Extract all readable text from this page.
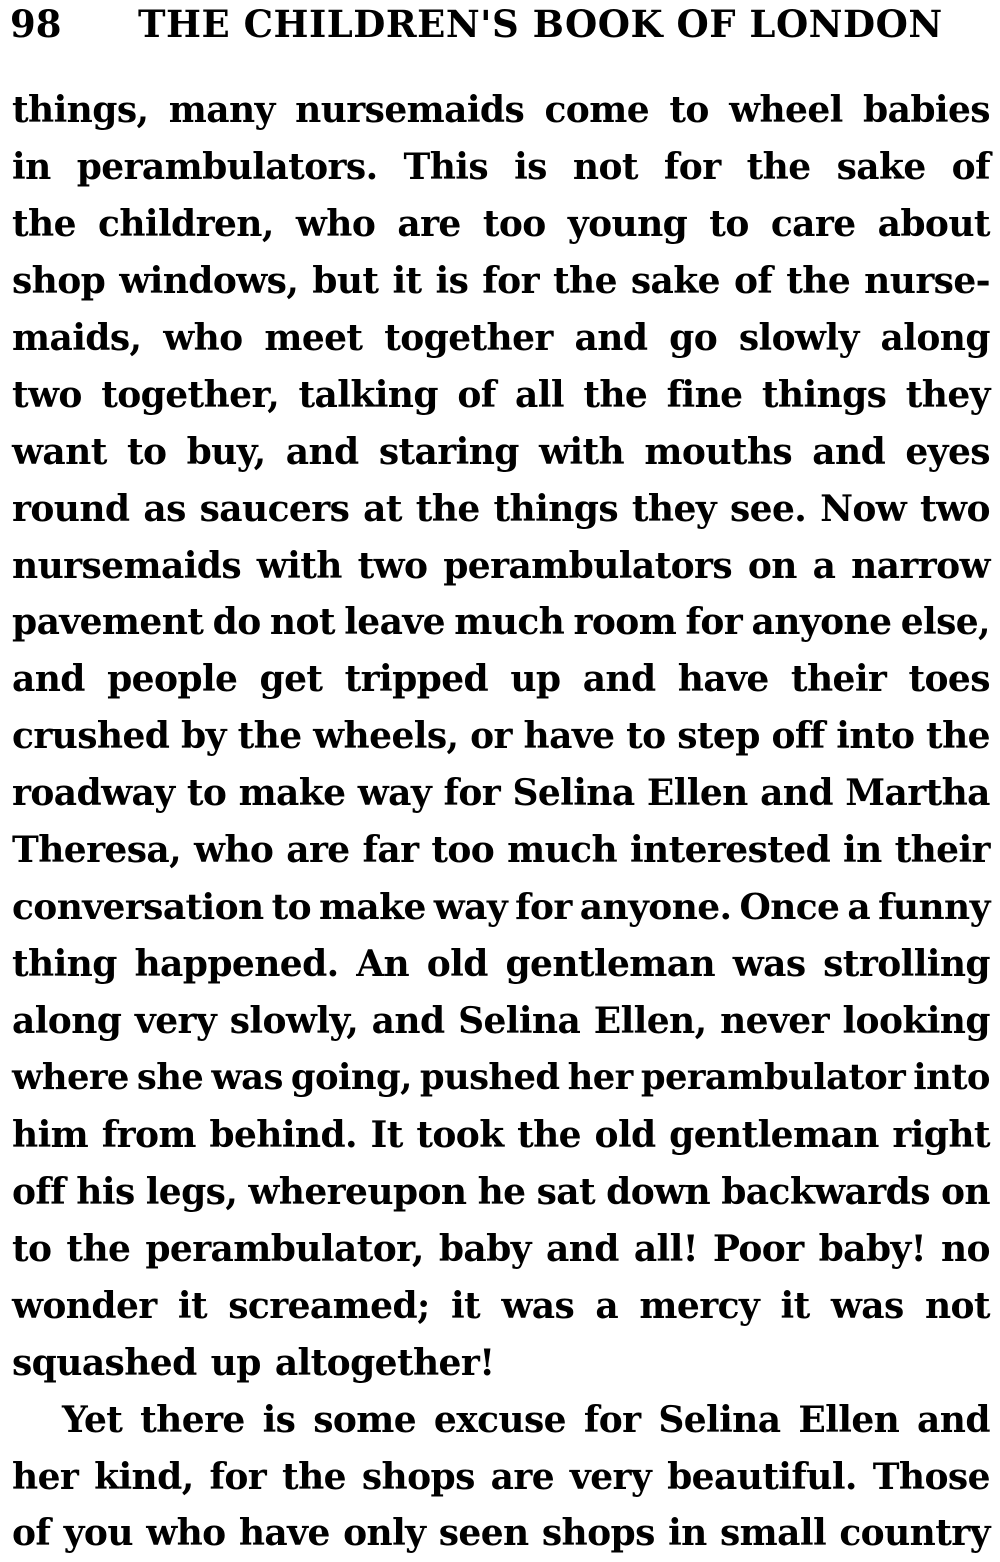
98 THE CHILDREN'S BOOK OF LONDON
things, many nursemaids come to wheel babies
in perambulators. This is not for the sake of
the children, who are too young to care about
shop windows, but it is for the sake of the nurse-
maids, who meet together and go slowly along
two together, talking of all the fine things they
want to buy, and staring with mouths and eyes
round as saucers at the things they see. Now two
nursemaids with two perambulators on a narrow
pavement do not leave much room for anyone else,
and people get tripped up and have their toes
crushed by the wheels, or have to step off into the
roadway to make way for Selina Ellen and Martha
Theresa, who are far too much interested in their
conversation to make way for anyone. Once a funny
thing happened. An old gentleman was strolling
along very slowly, and Selina Ellen, never looking
where she was going, pushed her perambulator into
him from behind. It took the old gentleman right
off his legs, whereupon he sat down backwards on
to the perambulator, baby and all! Poor baby! no
wonder it screamed; it was a mercy it was not
squashed up altogether!
Yet there is some excuse for Selina Ellen and
her kind, for the shops are very beautiful. Those
of you who have only seen shops in small country
